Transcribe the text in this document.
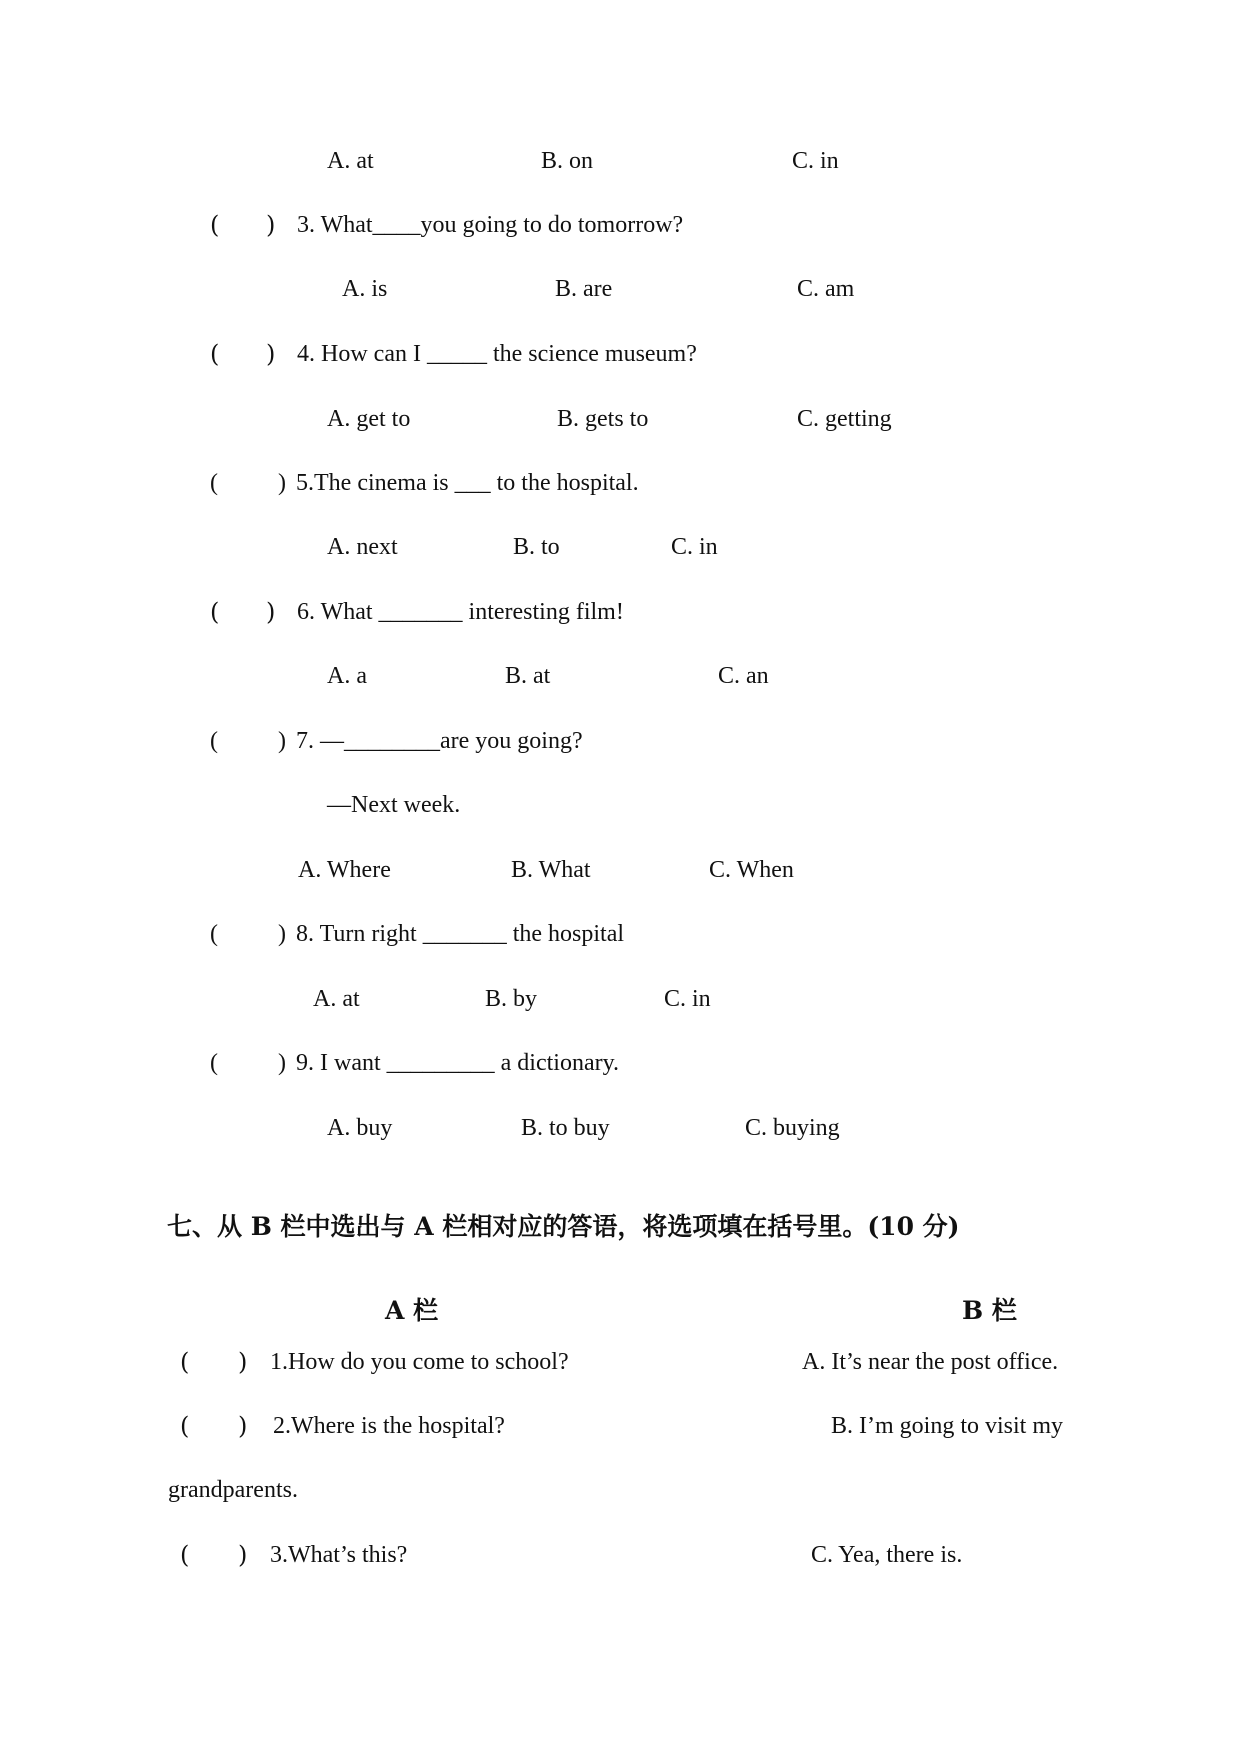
A. at	B. on	C. in
( ) 3. What____you going to do tomorrow?
A. is	B. are	C. am
( ) 4. How can I _____ the science museum?
A. get to	B. gets to	C. getting
(	) 5.The cinema is ___ to the hospital.
A. next	B. to	C. in
( ) 6. What _______ interesting film!
A. a	B. at	C. an
(	) 7. —________are you going?
—Next week.
A. Where	B. What	C. When
(	) 8. Turn right _______ the hospital
A. at	B. by	C. in
(	) 9. I want _________ a dictionary.
A. buy	B. to buy	C. buying
七、从 B 栏中选出与 A 栏相对应的答语，将选项填在括号里。(10 分)
A 栏	B 栏
( ) 1.How do you come to school?	A. It’s near the post office.
( ) 2.Where is the hospital?	B. I’m going to visit my
grandparents.
( ) 3.What’s this?	C. Yea, there is.
